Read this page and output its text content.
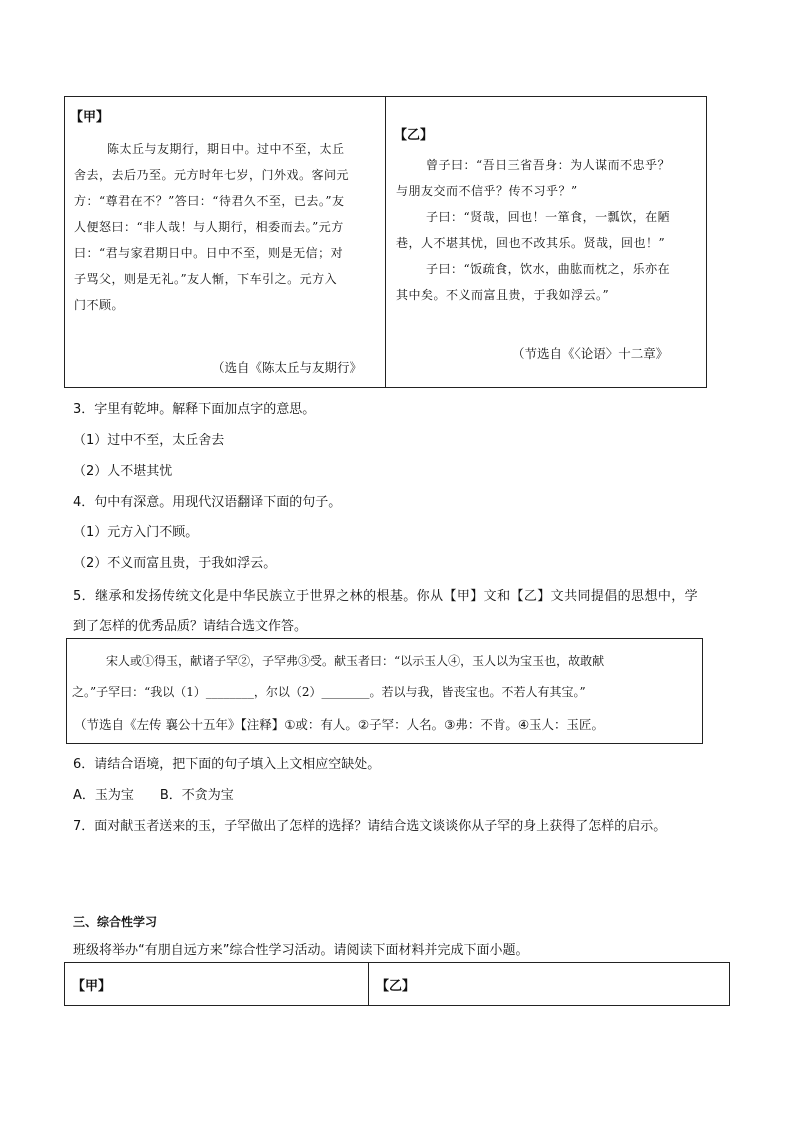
【甲】
陈太丘与友期行，期日中。过中不至，太丘
舍去，去后乃至。元方时年七岁，门外戏。客问元
方：“尊君在不？”答曰：“待君久不至，已去。”友
人便怒曰：“非人哉！与人期行，相委而去。”元方
曰：“君与家君期日中。日中不至，则是无信；对
子骂父，则是无礼。”友人惭，下车引之。元方入
门不顾。
（选自《陈太丘与友期行》
【乙】
曾子曰：“吾日三省吾身：为人谋而不忠乎？
与朋友交而不信乎？传不习乎？”
子曰：“贤哉，回也！一箪食，一瓢饮，在陋
巷，人不堪其忧，回也不改其乐。贤哉，回也！”
子曰：“饭疏食，饮水，曲肱而枕之，乐亦在
其中矣。不义而富且贵，于我如浮云。”
（节选自《〈论语〉十二章》
3．字里有乾坤。解释下面加点字的意思。
（1）过中不至，太丘舍去
（2）人不堪其忧
4．句中有深意。用现代汉语翻译下面的句子。
（1）元方入门不顾。
（2）不义而富且贵，于我如浮云。
5．继承和发扬传统文化是中华民族立于世界之林的根基。你从【甲】文和【乙】文共同提倡的思想中，学
到了怎样的优秀品质？请结合选文作答。
宋人或①得玉，献诸子罕②，子罕弗③受。献玉者曰：“以示玉人④，玉人以为宝玉也，故敢献
之。”子罕曰：“我以（1）________，尔以（2）________。若以与我，皆丧宝也。不若人有其宝。”
（节选自《左传 襄公十五年》【注释】①或：有人。②子罕：人名。③弗：不肯。④玉人：玉匠。
6．请结合语境，把下面的句子填入上文相应空缺处。
A．玉为宝　　B．不贪为宝
7．面对献玉者送来的玉，子罕做出了怎样的选择？请结合选文谈谈你从子罕的身上获得了怎样的启示。
三、综合性学习
班级将举办“有朋自远方来”综合性学习活动。请阅读下面材料并完成下面小题。
【甲】	【乙】
